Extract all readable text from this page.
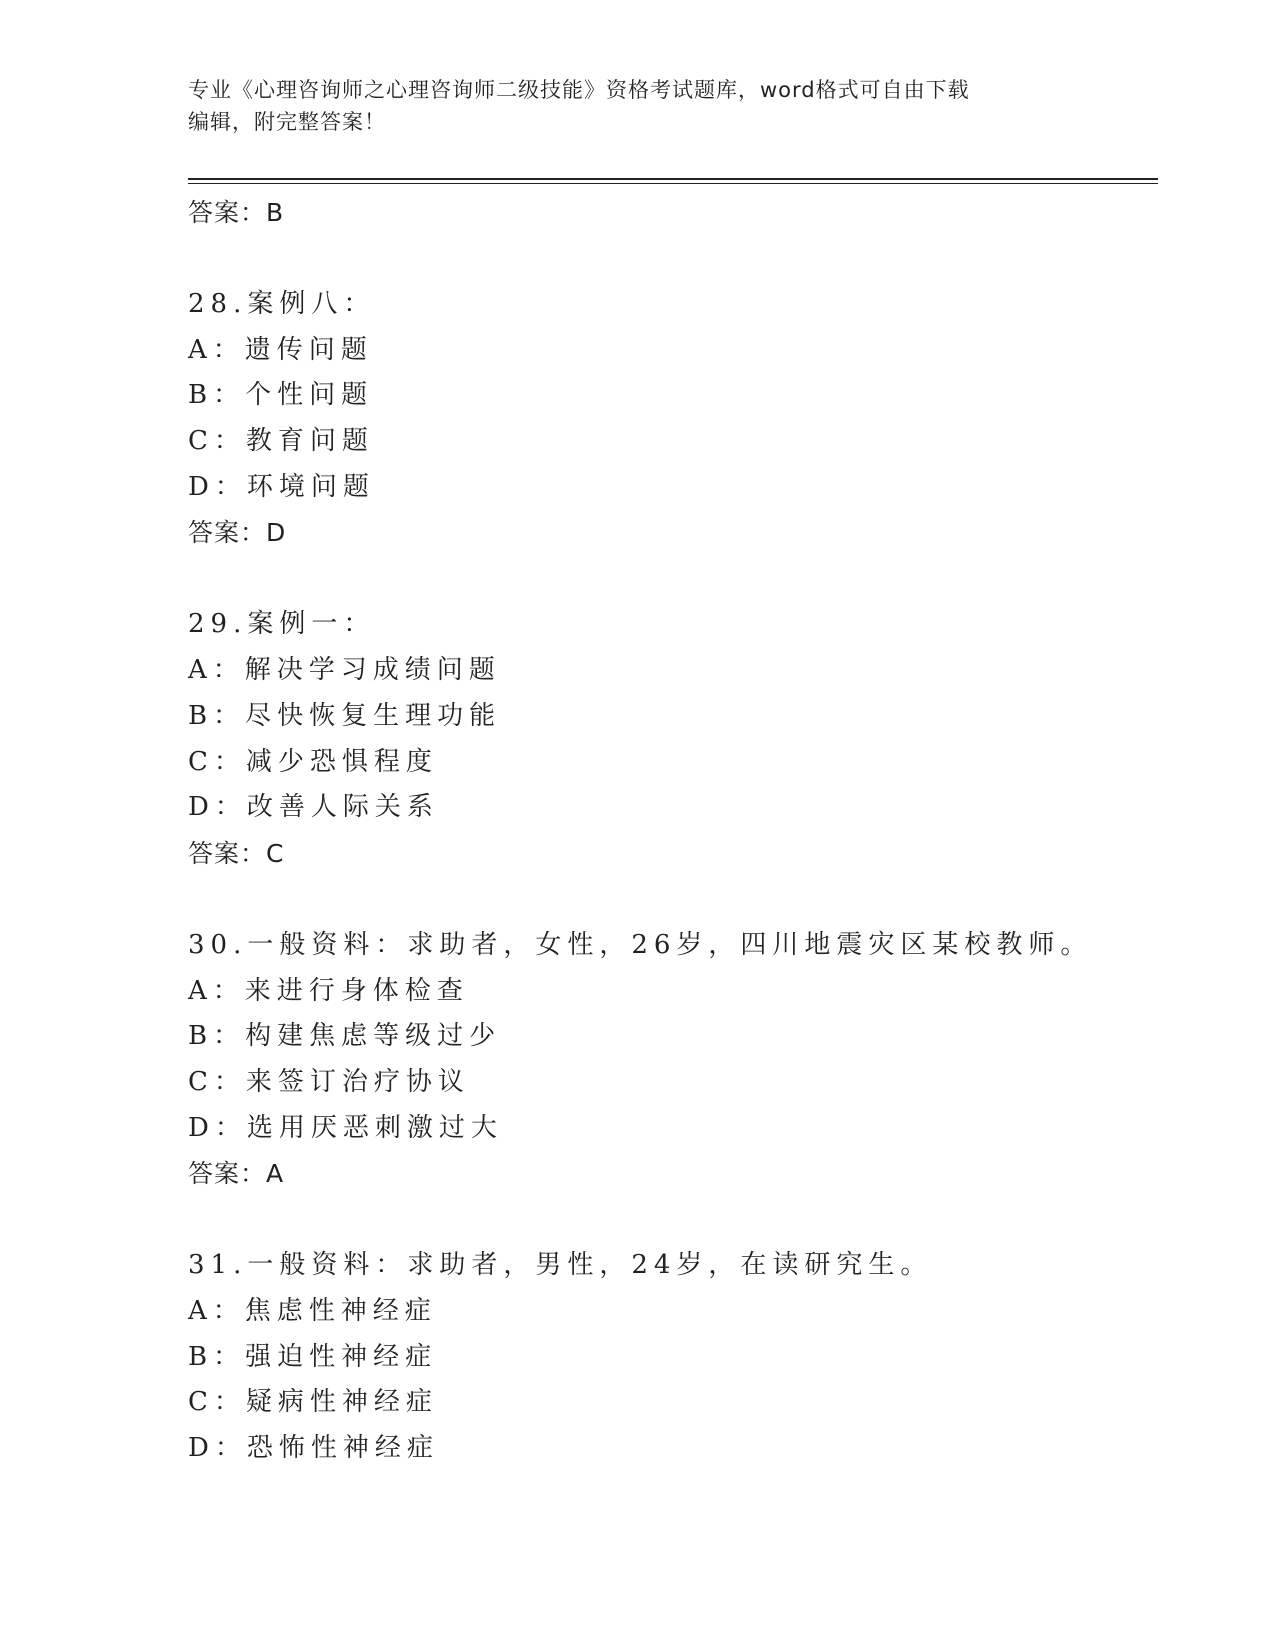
专业《心理咨询师之心理咨询师二级技能》资格考试题库，word格式可自由下载
编辑，附完整答案！
答案：B
28.案例八：
A：遗传问题
B：个性问题
C：教育问题
D：环境问题
答案：D
29.案例一：
A：解决学习成绩问题
B：尽快恢复生理功能
C：减少恐惧程度
D：改善人际关系
答案：C
30.一般资料：求助者，女性，26岁，四川地震灾区某校教师。
A：来进行身体检查
B：构建焦虑等级过少
C：来签订治疗协议
D：选用厌恶刺激过大
答案：A
31.一般资料：求助者，男性，24岁，在读研究生。
A：焦虑性神经症
B：强迫性神经症
C：疑病性神经症
D：恐怖性神经症
